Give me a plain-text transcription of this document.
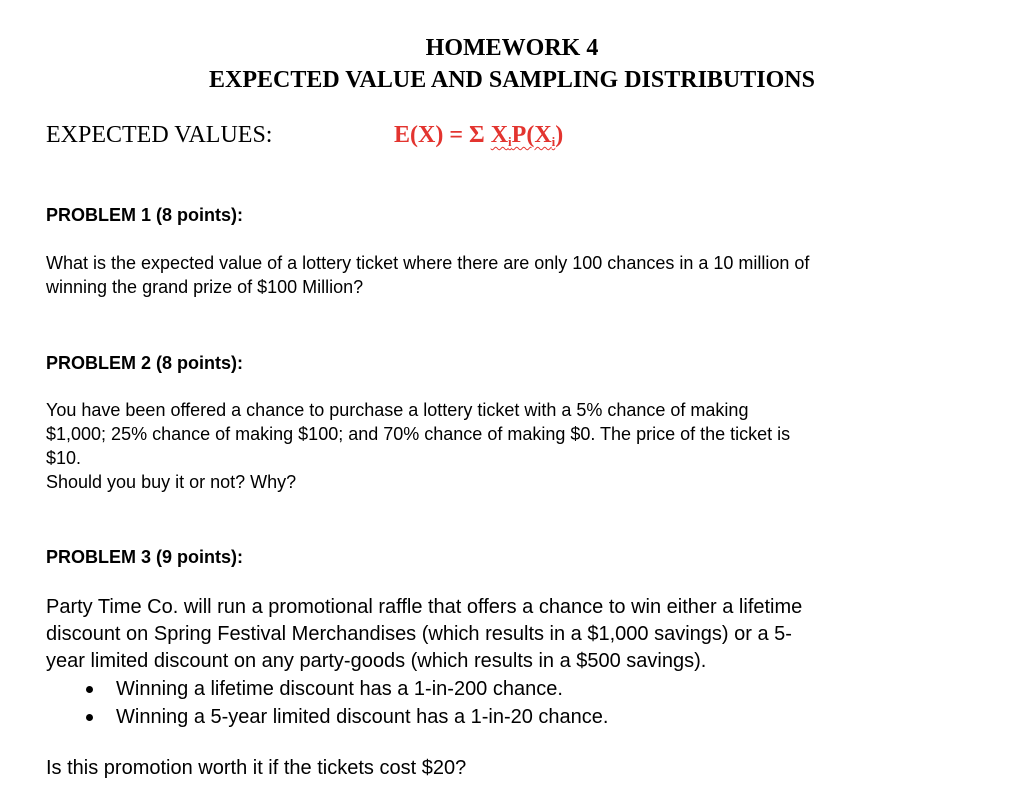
HOMEWORK 4
EXPECTED VALUE AND SAMPLING DISTRIBUTIONS
EXPECTED VALUES:	E(X) = Σ $X_iP(X_i)$
PROBLEM 1 (8 points):
What is the expected value of a lottery ticket where there are only 100 chances in a 10 million of
winning the grand prize of $100 Million?
PROBLEM 2 (8 points):
You have been offered a chance to purchase a lottery ticket with a 5% chance of making
$1,000; 25% chance of making $100; and 70% chance of making $0. The price of the ticket is
$10.
Should you buy it or not? Why?
PROBLEM 3 (9 points):
Party Time Co. will run a promotional raffle that offers a chance to win either a lifetime
discount on Spring Festival Merchandises (which results in a $1,000 savings) or a 5-
year limited discount on any party-goods (which results in a $500 savings).
Winning a lifetime discount has a 1-in-200 chance.
Winning a 5-year limited discount has a 1-in-20 chance.
Is this promotion worth it if the tickets cost $20?
